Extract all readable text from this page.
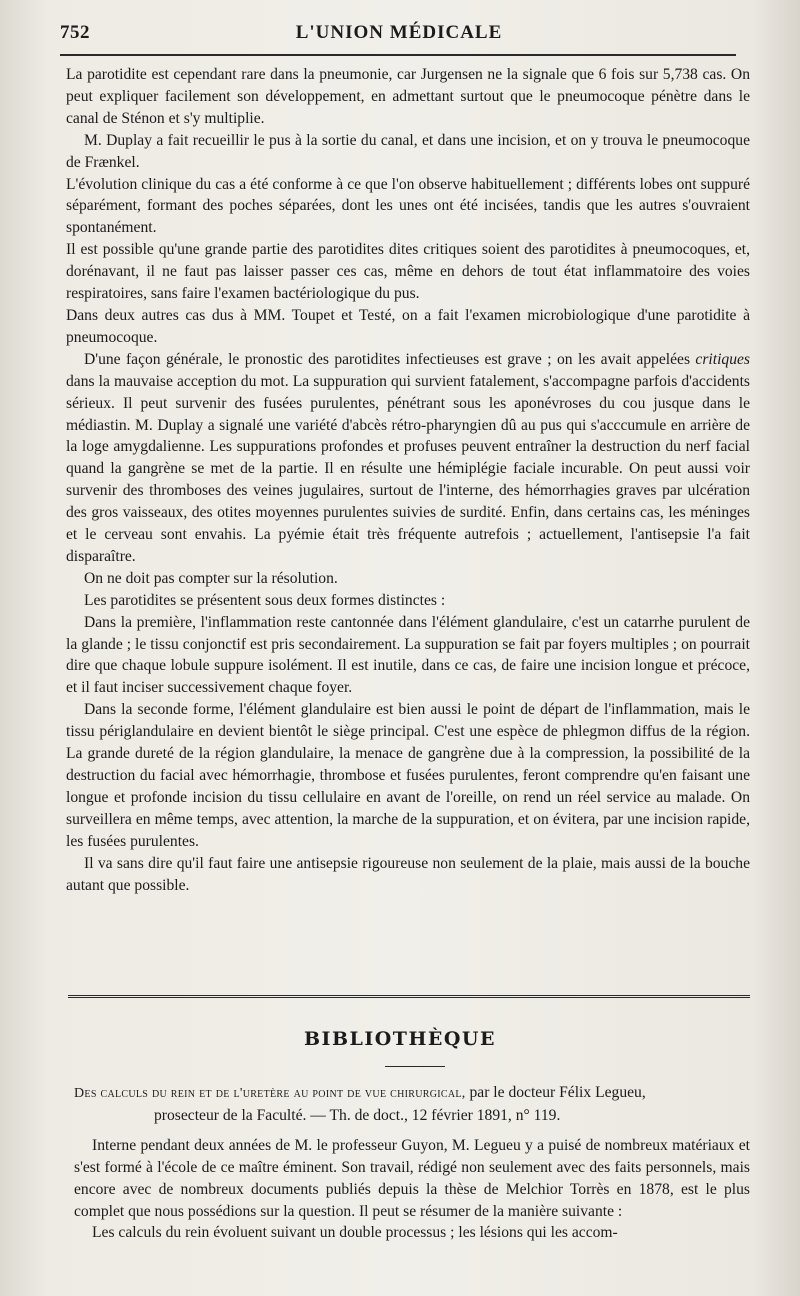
752	L'UNION MÉDICALE

La parotidite est cependant rare dans la pneumonie, car Jurgensen ne la signale que 6 fois sur 5,738 cas. On peut expliquer facilement son développement, en admettant surtout que le pneumocoque pénètre dans le canal de Sténon et s'y multiplie.

M. Duplay a fait recueillir le pus à la sortie du canal, et dans une incision, et on y trouva le pneumocoque de Frænkel.

L'évolution clinique du cas a été conforme à ce que l'on observe habituellement ; différents lobes ont suppuré séparément, formant des poches séparées, dont les unes ont été incisées, tandis que les autres s'ouvraient spontanément.

Il est possible qu'une grande partie des parotidites dites critiques soient des parotidites à pneumocoques, et, dorénavant, il ne faut pas laisser passer ces cas, même en dehors de tout état inflammatoire des voies respiratoires, sans faire l'examen bactériologique du pus.

Dans deux autres cas dus à MM. Toupet et Testé, on a fait l'examen microbiologique d'une parotidite à pneumocoque.

D'une façon générale, le pronostic des parotidites infectieuses est grave ; on les avait appelées critiques dans la mauvaise acception du mot. La suppuration qui survient fatalement, s'accompagne parfois d'accidents sérieux. Il peut survenir des fusées purulentes, pénétrant sous les aponévroses du cou jusque dans le médiastin. M. Duplay a signalé une variété d'abcès rétro-pharyngien dû au pus qui s'acccumule en arrière de la loge amygdalienne. Les suppurations profondes et profuses peuvent entraîner la destruction du nerf facial quand la gangrène se met de la partie. Il en résulte une hémiplégie faciale incurable. On peut aussi voir survenir des thromboses des veines jugulaires, surtout de l'interne, des hémorrhagies graves par ulcération des gros vaisseaux, des otites moyennes purulentes suivies de surdité. Enfin, dans certains cas, les méninges et le cerveau sont envahis. La pyémie était très fréquente autrefois ; actuellement, l'antisepsie l'a fait disparaître.

On ne doit pas compter sur la résolution.

Les parotidites se présentent sous deux formes distinctes :

Dans la première, l'inflammation reste cantonnée dans l'élément glandulaire, c'est un catarrhe purulent de la glande ; le tissu conjonctif est pris secondairement. La suppuration se fait par foyers multiples ; on pourrait dire que chaque lobule suppure isolément. Il est inutile, dans ce cas, de faire une incision longue et précoce, et il faut inciser successivement chaque foyer.

Dans la seconde forme, l'élément glandulaire est bien aussi le point de départ de l'inflammation, mais le tissu périglandulaire en devient bientôt le siège principal. C'est une espèce de phlegmon diffus de la région. La grande dureté de la région glandulaire, la menace de gangrène due à la compression, la possibilité de la destruction du facial avec hémorrhagie, thrombose et fusées purulentes, feront comprendre qu'en faisant une longue et profonde incision du tissu cellulaire en avant de l'oreille, on rend un réel service au malade. On surveillera en même temps, avec attention, la marche de la suppuration, et on évitera, par une incision rapide, les fusées purulentes.

Il va sans dire qu'il faut faire une antisepsie rigoureuse non seulement de la plaie, mais aussi de la bouche autant que possible.

BIBLIOTHÈQUE

Des calculs du rein et de l'uretère au point de vue chirurgical, par le docteur Félix Legueu,
prosecteur de la Faculté. — Th. de doct., 12 février 1891, n° 119.

Interne pendant deux années de M. le professeur Guyon, M. Legueu y a puisé de nombreux matériaux et s'est formé à l'école de ce maître éminent. Son travail, rédigé non seulement avec des faits personnels, mais encore avec de nombreux documents publiés depuis la thèse de Melchior Torrès en 1878, est le plus complet que nous possédions sur la question. Il peut se résumer de la manière suivante :

Les calculs du rein évoluent suivant un double processus ; les lésions qui les accom-
